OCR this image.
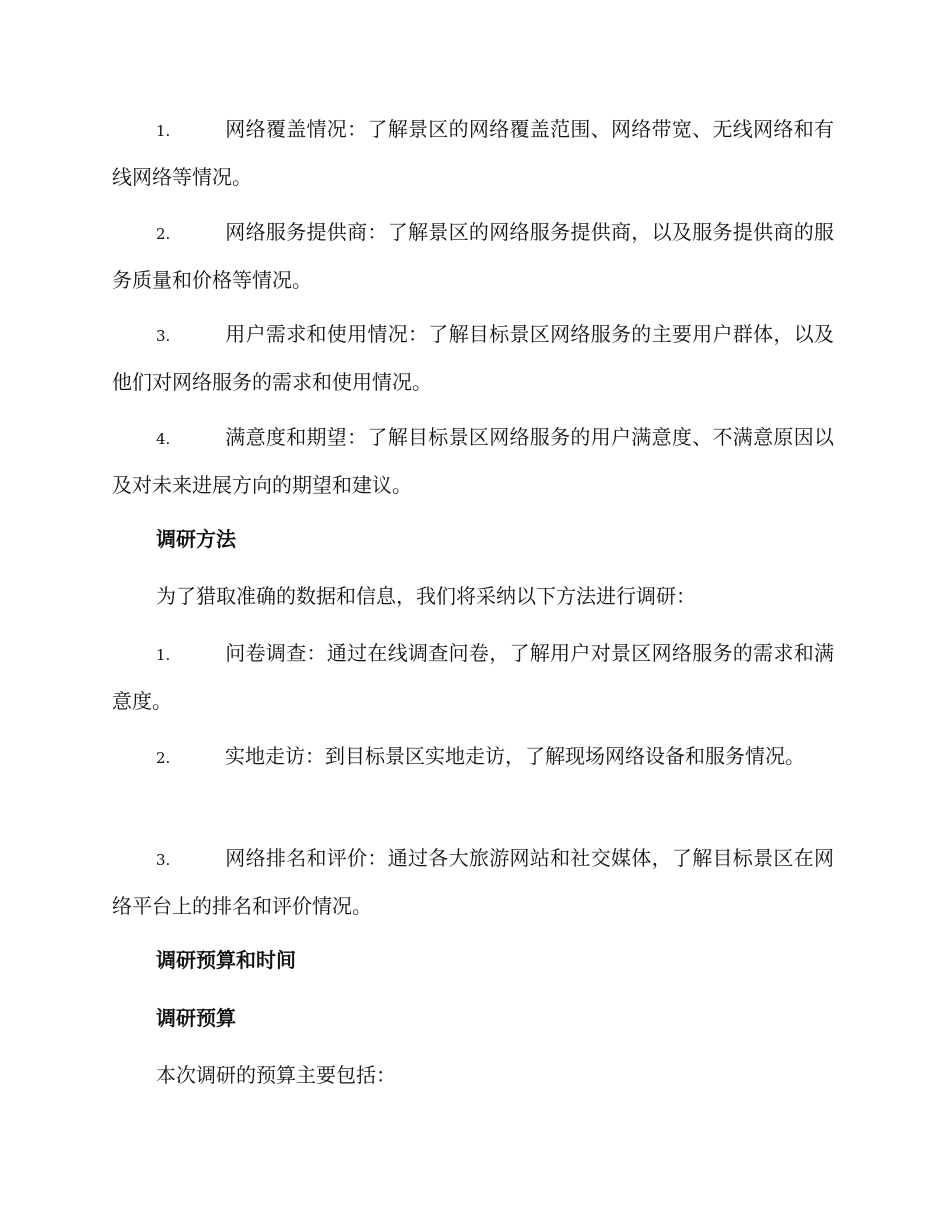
1.	网络覆盖情况：了解景区的网络覆盖范围、网络带宽、无线网络和有线网络等情况。
2.	网络服务提供商：了解景区的网络服务提供商，以及服务提供商的服务质量和价格等情况。
3.	用户需求和使用情况：了解目标景区网络服务的主要用户群体，以及他们对网络服务的需求和使用情况。
4.	满意度和期望：了解目标景区网络服务的用户满意度、不满意原因以及对未来进展方向的期望和建议。
调研方法
为了猎取准确的数据和信息，我们将采纳以下方法进行调研：
1.	问卷调查：通过在线调查问卷，了解用户对景区网络服务的需求和满意度。
2.	实地走访：到目标景区实地走访，了解现场网络设备和服务情况。
3.	网络排名和评价：通过各大旅游网站和社交媒体，了解目标景区在网络平台上的排名和评价情况。
调研预算和时间
调研预算
本次调研的预算主要包括：
